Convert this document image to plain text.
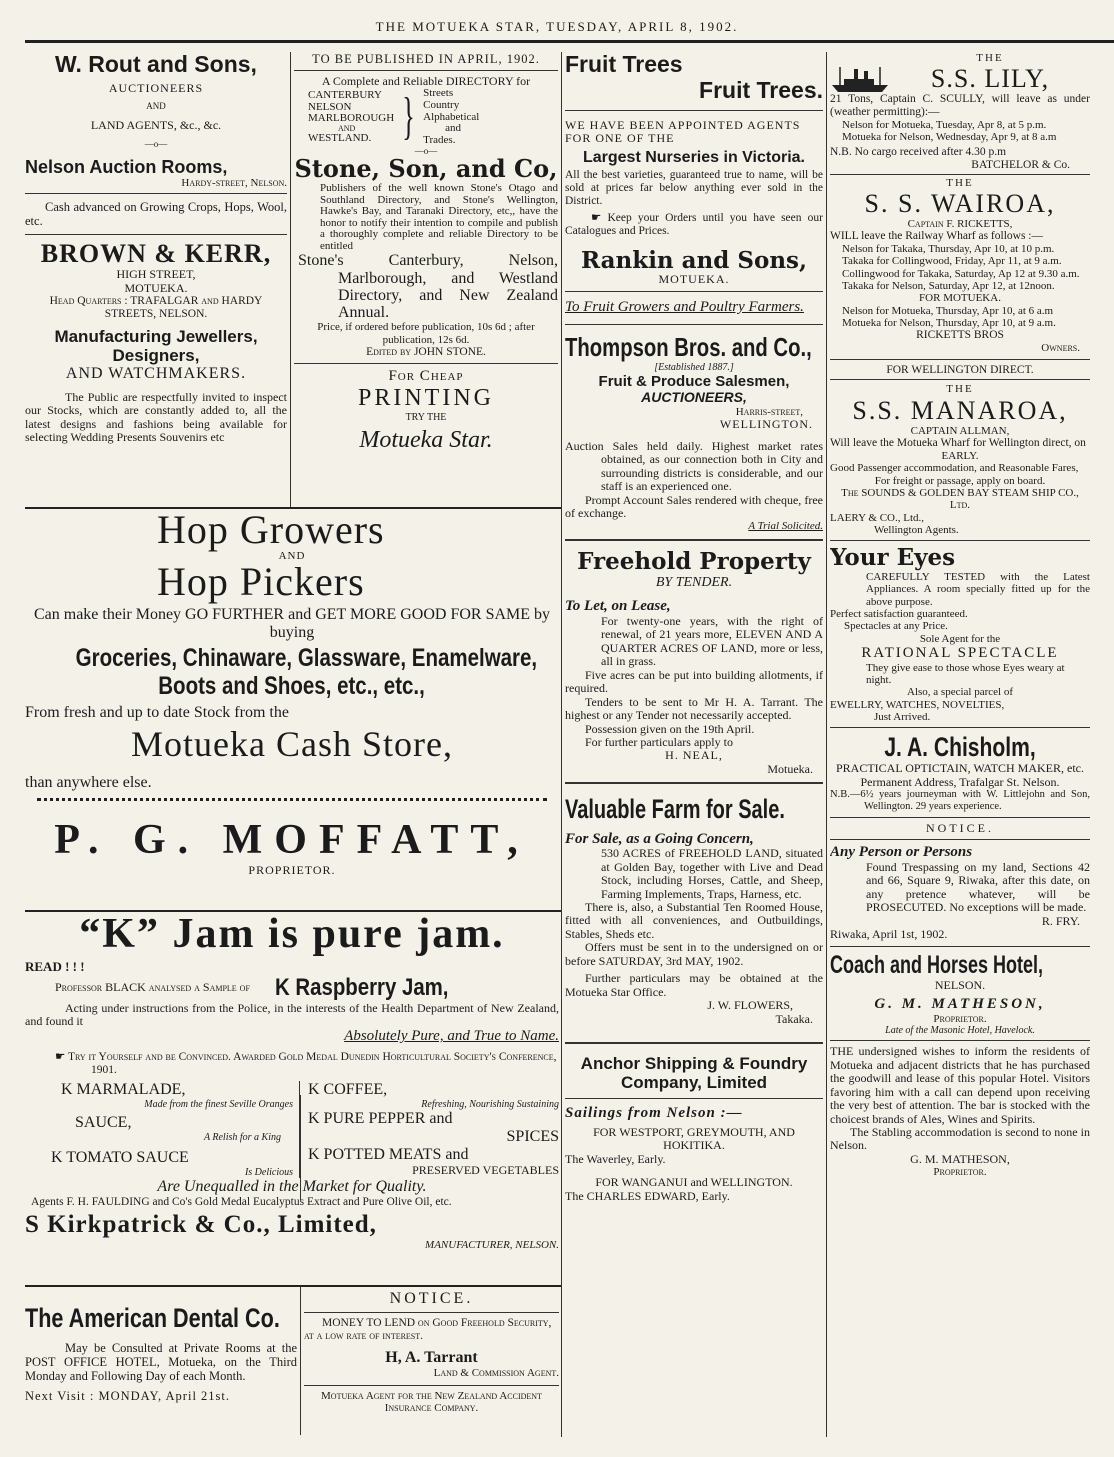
THE MOTUEKA STAR, TUESDAY, APRIL 8, 1902.
W. Rout and Sons,
AUCTIONEERS
AND
LAND AGENTS, &c., &c.
—o—
Nelson Auction Rooms,
Hardy-street, Nelson.
Cash advanced on Growing Crops, Hops, Wool, etc.
BROWN & KERR,
HIGH STREET,
MOTUEKA.
Head Quarters : TRAFALGAR and HARDY STREETS, NELSON.
Manufacturing Jewellers, Designers,
AND WATCHMAKERS.
The Public are respectfully invited to inspect our Stocks, which are constantly added to, all the latest designs and fashions being available for selecting Wedding Presents Souvenirs etc
TO BE PUBLISHED IN APRIL, 1902.
A Complete and Reliable DIRECTORY for
CANTERBURY
NELSON
MARLBOROUGH
AND
WESTLAND. } Streets
Country
Alphabetical
and
Trades.
—o—
Stone, Son, and Co,
Publishers of the well known Stone's Otago and Southland Directory, and Stone's Wellington, Hawke's Bay, and Taranaki Directory, etc,, have the honor to notify their intention to compile and publish a thoroughly complete and reliable Directory to be entitled
Stone's Canterbury, Nelson, Marlborough, and Westland Directory, and New Zealand Annual.
Price, if ordered before publication, 10s 6d ; after publication, 12s 6d.
Edited by JOHN STONE.
For Cheap
PRINTING
TRY THE
Motueka Star.
Hop Growers
AND
Hop Pickers
Can make their Money GO FURTHER and GET MORE GOOD FOR SAME by buying
Groceries, Chinaware, Glassware, Enamelware,
Boots and Shoes, etc., etc.,
From fresh and up to date Stock from the
Motueka Cash Store,
than anywhere else.
P. G. MOFFATT,
PROPRIETOR.
“K” Jam is pure jam.
READ ! ! !
Professor BLACK analysed a Sample of	K Raspberry Jam,
Acting under instructions from the Police, in the interests of the Health Department of New Zealand, and found it
Absolutely Pure, and True to Name.
☛ Try it Yourself and be Convinced. Awarded Gold Medal Dunedin Horticultural Society's Conference, 1901.
K MARMALADE,
Made from the finest Seville Oranges
SAUCE,
A Relish for a King
K TOMATO SAUCE
Is Delicious
K COFFEE,
Refreshing, Nourishing Sustaining
K PURE PEPPER and
SPICES
K POTTED MEATS and
PRESERVED VEGETABLES
Are Unequalled in the Market for Quality.
Agents F. H. FAULDING and Co's Gold Medal Eucalyptus Extract and Pure Olive Oil, etc.
S Kirkpatrick & Co., Limited,
MANUFACTURER, NELSON.
The American Dental Co.
May be Consulted at Private Rooms at the POST OFFICE HOTEL, Motueka, on the Third Monday and Following Day of each Month.
Next Visit : MONDAY, April 21st.
NOTICE.
MONEY TO LEND on Good Freehold Security, at a low rate of interest.
H, A. Tarrant
Land & Commission Agent.
Motueka Agent for the New Zealand Accident Insurance Company.
Fruit Trees
Fruit Trees.
WE HAVE BEEN APPOINTED AGENTS FOR ONE OF THE
Largest Nurseries in Victoria.
All the best varieties, guaranteed true to name, will be sold at prices far below anything ever sold in the District.
☛ Keep your Orders until you have seen our Catalogues and Prices.
Rankin and Sons,
MOTUEKA.
To Fruit Growers and Poultry Farmers.
Thompson Bros. and Co.,
[Established 1887.]
Fruit & Produce Salesmen,
AUCTIONEERS,
Harris-street,
WELLINGTON.
Auction Sales held daily. Highest market rates obtained, as our connection both in City and surrounding districts is considerable, and our staff is an experienced one.
Prompt Account Sales rendered with cheque, free of exchange.
A Trial Solicited.
Freehold Property
BY TENDER.
To Let, on Lease,
For twenty-one years, with the right of renewal, of 21 years more, ELEVEN AND A QUARTER ACRES OF LAND, more or less, all in grass.
Five acres can be put into building allotments, if required.
Tenders to be sent to Mr H. A. Tarrant. The highest or any Tender not necessarily accepted.
Possession given on the 19th April.
For further particulars apply to
H. NEAL,
Motueka.
Valuable Farm for Sale.
For Sale, as a Going Concern,
530 ACRES of FREEHOLD LAND, situated at Golden Bay, together with Live and Dead Stock, including Horses, Cattle, and Sheep, Farming Implements, Traps, Harness, etc.
There is, also, a Substantial Ten Roomed House, fitted with all conveniences, and Outbuildings, Stables, Sheds etc.
Offers must be sent in to the undersigned on or before SATURDAY, 3rd MAY, 1902.
Further particulars may be obtained at the Motueka Star Office.
J. W. FLOWERS,
Takaka.
Anchor Shipping & Foundry Company, Limited
Sailings from Nelson :—
FOR WESTPORT, GREYMOUTH, AND HOKITIKA.
The Waverley, Early.
FOR WANGANUI and WELLINGTON.
The CHARLES EDWARD, Early.
THE
S.S. LILY,
21 Tons, Captain C. SCULLY, will leave as under (weather permitting):—
Nelson for Motueka, Tuesday, Apr 8, at 5 p.m.
Motueka for Nelson, Wednesday, Apr 9, at 8 a.m
N.B. No cargo received after 4.30 p.m
BATCHELOR & Co.
THE
S. S. WAIROA,
Captain F. RICKETTS,
WILL leave the Railway Wharf as follows :—
Nelson for Takaka, Thursday, Apr 10, at 10 p.m.
Takaka for Collingwood, Friday, Apr 11, at 9 a.m.
Collingwood for Takaka, Saturday, Ap 12 at 9.30 a.m.
Takaka for Nelson, Saturday, Apr 12, at 12noon.
FOR MOTUEKA.
Nelson for Motueka, Thursday, Apr 10, at 6 a.m
Motueka for Nelson, Thursday, Apr 10, at 9 a.m.
RICKETTS BROS
Owners.
FOR WELLINGTON DIRECT.
THE
S.S. MANAROA,
CAPTAIN ALLMAN,
Will leave the Motueka Wharf for Wellington direct, on
EARLY.
Good Passenger accommodation, and Reasonable Fares,
For freight or passage, apply on board.
The SOUNDS & GOLDEN BAY STEAM SHIP CO., Ltd.
LAERY & CO., Ltd.,
Wellington Agents.
Your Eyes
CAREFULLY TESTED with the Latest Appliances. A room specially fitted up for the above purpose.
Perfect satisfaction guaranteed.
Spectacles at any Price.
Sole Agent for the
RATIONAL SPECTACLE
They give ease to those whose Eyes weary at night.
Also, a special parcel of
EWELLRY, WATCHES, NOVELTIES,
Just Arrived.
J. A. Chisholm,
PRACTICAL OPTICTAIN, WATCH MAKER, etc.
Permanent Address, Trafalgar St. Nelson.
N.B.—6½ years journeyman with W. Littlejohn and Son, Wellington. 29 years experience.
NOTICE.
Any Person or Persons
Found Trespassing on my land, Sections 42 and 66, Square 9, Riwaka, after this date, on any pretence whatever, will be PROSECUTED. No exceptions will be made.
R. FRY.
Riwaka, April 1st, 1902.
Coach and Horses Hotel,
NELSON.
G. M. MATHESON,
Proprietor.
Late of the Masonic Hotel, Havelock.
THE undersigned wishes to inform the residents of Motueka and adjacent districts that he has purchased the goodwill and lease of this popular Hotel. Visitors favoring him with a call can depend upon receiving the very best of attention. The bar is stocked with the choicest brands of Ales, Wines and Spirits.
The Stabling accommodation is second to none in Nelson.
G. M. MATHESON,
Proprietor.
